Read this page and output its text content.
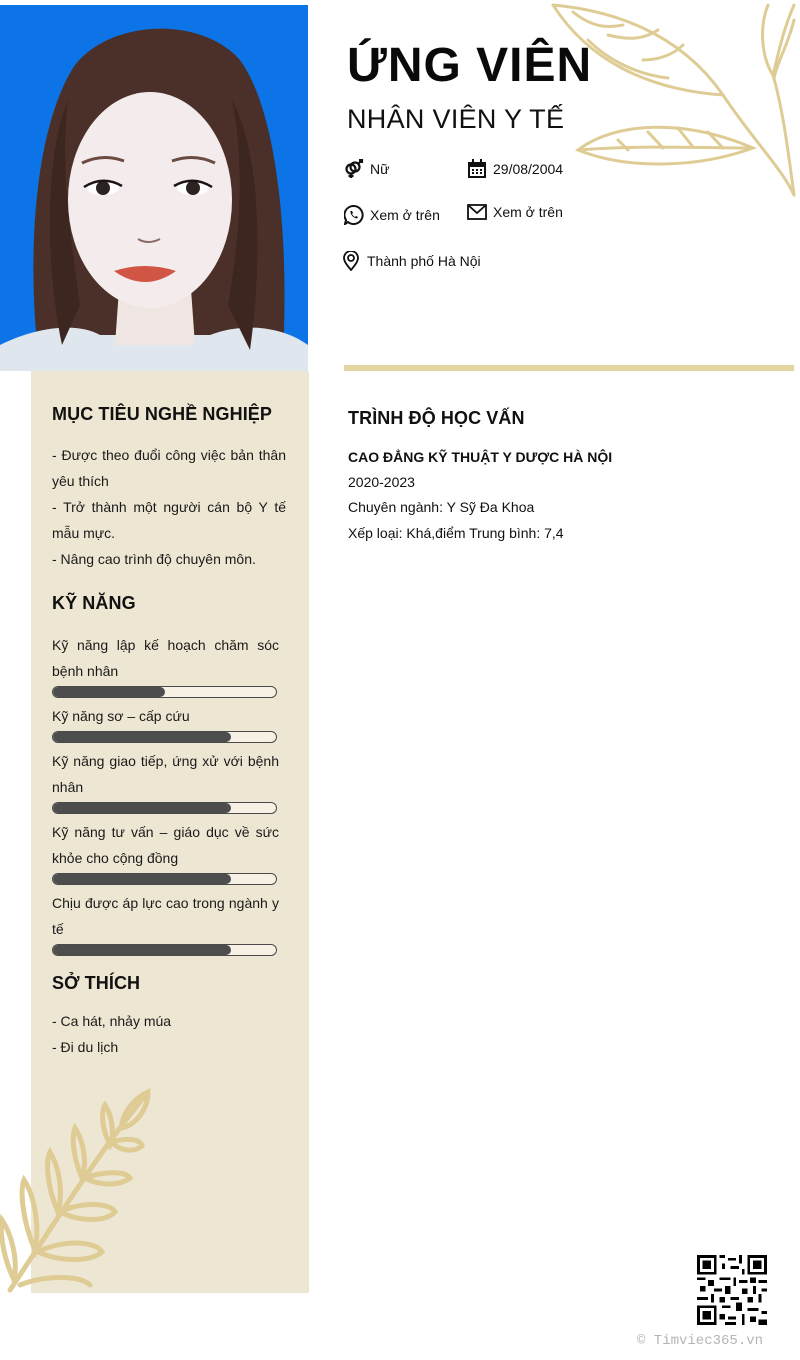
MỤC TIÊU NGHỀ NGHIỆP
- Được theo đuổi công việc bản thân yêu thích
- Trở thành một người cán bộ Y tế mẫu mực.
- Nâng cao trình độ chuyên môn.
KỸ NĂNG
Kỹ năng lập kế hoạch chăm sóc bệnh nhân
Kỹ năng sơ – cấp cứu
Kỹ năng giao tiếp, ứng xử với bệnh nhân
Kỹ năng tư vấn – giáo dục về sức khỏe cho cộng đồng
Chịu được áp lực cao trong ngành y tế
SỞ THÍCH
- Ca hát, nhảy múa
- Đi du lịch
ỨNG VIÊN
NHÂN VIÊN Y TẾ
Nữ	29/08/2004
Xem ở trên	Xem ở trên
Thành phố Hà Nội
TRÌNH ĐỘ HỌC VẤN
CAO ĐẲNG KỸ THUẬT Y DƯỢC HÀ NỘI
2020-2023
Chuyên ngành: Y Sỹ Đa Khoa
Xếp loại: Khá,điểm Trung bình: 7,4
© Timviec365.vn
